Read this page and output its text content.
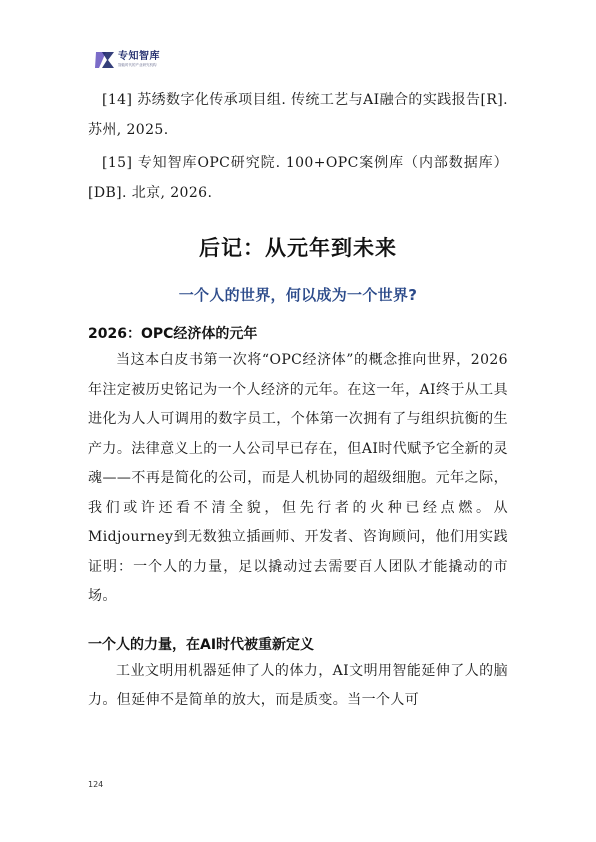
专知智库
智能时代的产业研究机构

[14] 苏绣数字化传承项目组. 传统工艺与AI融合的实践报告[R]. 苏州, 2025.

[15] 专知智库OPC研究院. 100+OPC案例库（内部数据库）[DB]. 北京, 2026.

后记：从元年到未来
一个人的世界，何以成为一个世界?
2026：OPC经济体的元年

当这本白皮书第一次将“OPC经济体”的概念推向世界，2026年注定被历史铭记为一个人经济的元年。在这一年，AI终于从工具进化为人人可调用的数字员工，个体第一次拥有了与组织抗衡的生产力。法律意义上的一人公司早已存在，但AI时代赋予它全新的灵魂——不再是简化的公司，而是人机协同的超级细胞。元年之际，我们或许还看不清全貌，但先行者的火种已经点燃。从Midjourney到无数独立插画师、开发者、咨询顾问，他们用实践证明：一个人的力量，足以撬动过去需要百人团队才能撬动的市场。

一个人的力量，在AI时代被重新定义

工业文明用机器延伸了人的体力，AI文明用智能延伸了人的脑力。但延伸不是简单的放大，而是质变。当一个人可

124
